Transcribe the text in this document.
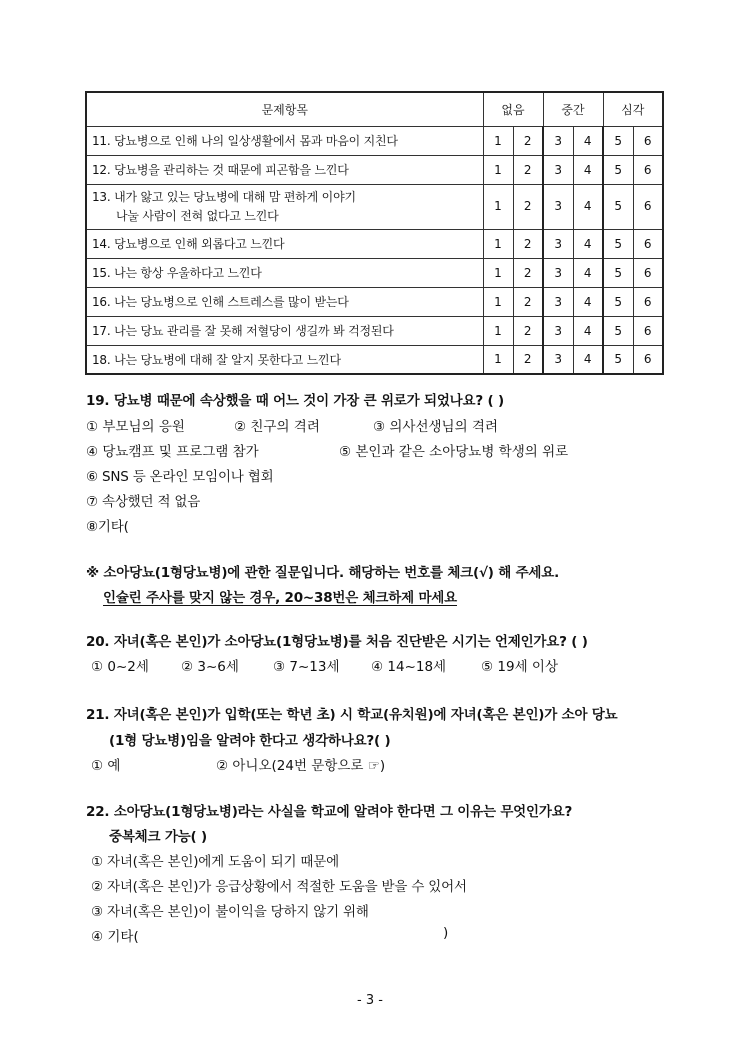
문제항목	없음		중간		심각	
11. 당뇨병으로 인해 나의 일상생활에서 몸과 마음이 지친다	1	2	3	4	5	6
12. 당뇨병을 관리하는 것 때문에 피곤함을 느낀다	1	2	3	4	5	6
13. 내가 앓고 있는 당뇨병에 대해 맘 편하게 이야기
나눌 사람이 전혀 없다고 느낀다	1	2	3	4	5	6
14. 당뇨병으로 인해 외롭다고 느낀다	1	2	3	4	5	6
15. 나는 항상 우울하다고 느낀다	1	2	3	4	5	6
16. 나는 당뇨병으로 인해 스트레스를 많이 받는다	1	2	3	4	5	6
17. 나는 당뇨 관리를 잘 못해 저혈당이 생길까 봐 걱정된다	1	2	3	4	5	6
18. 나는 당뇨병에 대해 잘 알지 못한다고 느낀다	1	2	3	4	5	6
19. 당뇨병 때문에 속상했을 때 어느 것이 가장 큰 위로가 되었나요? ( )
① 부모님의 응원	② 친구의 격려	③ 의사선생님의 격려
④ 당뇨캠프 및 프로그램 참가	⑤ 본인과 같은 소아당뇨병 학생의 위로
⑥ SNS 등 온라인 모임이나 협회
⑦ 속상했던 적 없음
⑧기타(
※ 소아당뇨(1형당뇨병)에 관한 질문입니다. 해당하는 번호를 체크(√) 해 주세요.
인슐린 주사를 맞지 않는 경우, 20~38번은 체크하제 마세요
20. 자녀(혹은 본인)가 소아당뇨(1형당뇨병)를 처음 진단받은 시기는 언제인가요? ( )
① 0~2세 ② 3~6세	③ 7~13세 ④ 14~18세	⑤ 19세 이상
21. 자녀(혹은 본인)가 입학(또는 학년 초) 시 학교(유치원)에 자녀(혹은 본인)가 소아 당뇨
(1형 당뇨병)임을 알려야 한다고 생각하나요?( )
① 예	② 아니오(24번 문항으로 ☞)
22. 소아당뇨(1형당뇨병)라는 사실을 학교에 알려야 한다면 그 이유는 무엇인가요?
중복체크 가능( )
① 자녀(혹은 본인)에게 도움이 되기 때문에
② 자녀(혹은 본인)가 응급상황에서 적절한 도움을 받을 수 있어서
③ 자녀(혹은 본인)이 불이익을 당하지 않기 위해
④ 기타(	)
- 3 -
